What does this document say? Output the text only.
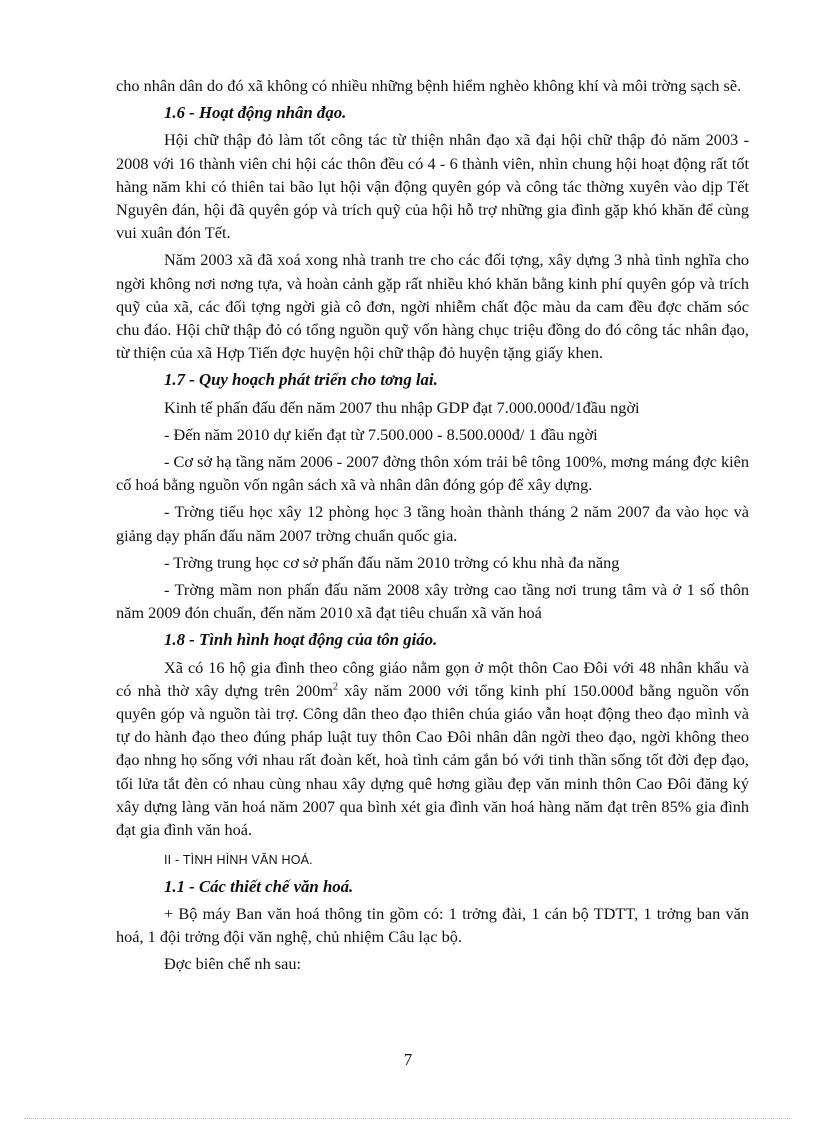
cho nhân dân do đó xã không có nhiều những bệnh hiểm nghèo không khí và môi trờng sạch sẽ.

1.6 - Hoạt động nhân đạo.

Hội chữ thập đỏ làm tốt công tác từ thiện nhân đạo xã đại hội chữ thập đỏ năm 2003 - 2008 với 16 thành viên chi hội các thôn đều có 4 - 6 thành viên, nhìn chung hội hoạt động rất tốt hàng năm khi có thiên tai bão lụt hội vận động quyên góp và công tác thờng xuyên vào dịp Tết Nguyên đán, hội đã quyên góp và trích quỹ của hội hỗ trợ những gia đình gặp khó khăn để cùng vui xuân đón Tết.

Năm 2003 xã đã xoá xong nhà tranh tre cho các đối tợng, xây dựng 3 nhà tình nghĩa cho ngời không nơi nơng tựa, và hoàn cảnh gặp rất nhiều khó khăn bằng kinh phí quyên góp và trích quỹ của xã, các đối tợng ngời già cô đơn, ngời nhiễm chất độc màu da cam đều đợc chăm sóc chu đáo. Hội chữ thập đỏ có tổng nguồn quỹ vốn hàng chục triệu đồng do đó công tác nhân đạo, từ thiện của xã Hợp Tiến đợc huyện hội chữ thập đỏ huyện tặng giấy khen.

1.7 - Quy hoạch phát triển cho tơng lai.

Kinh tế phấn đấu đến năm 2007 thu nhập GDP đạt 7.000.000đ/1đầu ngời

- Đến năm 2010 dự kiến đạt từ 7.500.000 - 8.500.000đ/ 1 đầu ngời

- Cơ sở hạ tầng năm 2006 - 2007 đờng thôn xóm trải bê tông 100%, mơng máng đợc kiên cố hoá bằng nguồn vốn ngân sách xã và nhân dân đóng góp để xây dựng.

- Trờng tiểu học xây 12 phòng học 3 tầng hoàn thành tháng 2 năm 2007 đa vào học và giảng dạy phấn đấu năm 2007 trờng chuẩn quốc gia.

- Trờng trung học cơ sở phấn đấu năm 2010 trờng có khu nhà đa năng

- Trờng mầm non phấn đấu năm 2008 xây trờng cao tầng nơi trung tâm và ở 1 số thôn năm 2009 đón chuẩn, đến năm 2010 xã đạt tiêu chuẩn xã văn hoá

1.8 - Tình hình hoạt động của tôn giáo.

Xã có 16 hộ gia đình theo công giáo nằm gọn ở một thôn Cao Đôi với 48 nhân khẩu và có nhà thờ xây dựng trên $200m^2$ xây năm 2000 với tổng kinh phí 150.000đ bằng nguồn vốn quyên góp và nguồn tài trợ. Công dân theo đạo thiên chúa giáo vẫn hoạt động theo đạo mình và tự do hành đạo theo đúng pháp luật tuy thôn Cao Đôi nhân dân ngời theo đạo, ngời không theo đạo nhng họ sống với nhau rất đoàn kết, hoà tình cảm gắn bó với tinh thần sống tốt đời đẹp đạo, tối lửa tắt đèn có nhau cùng nhau xây dựng quê hơng giầu đẹp văn minh thôn Cao Đôi đăng ký xây dựng làng văn hoá năm 2007 qua bình xét gia đình văn hoá hàng năm đạt trên 85% gia đình đạt gia đình văn hoá.

II - TÌNH HÌNH VĂN HOÁ.
1.1 - Các thiết chế văn hoá.

+ Bộ máy Ban văn hoá thông tin gồm có: 1 trởng đài, 1 cán bộ TDTT, 1 trởng ban văn hoá, 1 đội trởng đội văn nghệ, chủ nhiệm Câu lạc bộ.

Đợc biên chế nh sau:

7
